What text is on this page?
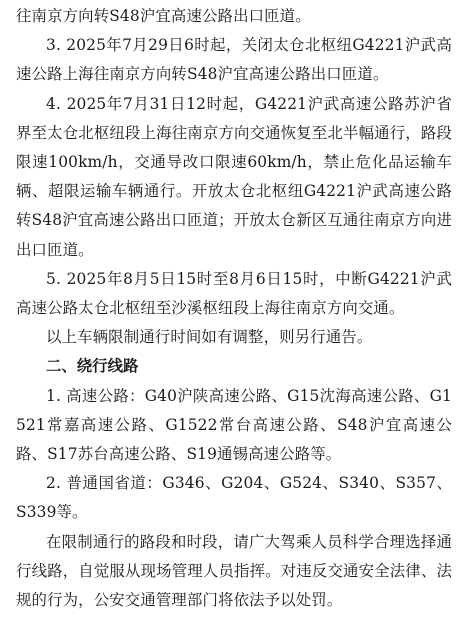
往南京方向转S48沪宜高速公路出口匝道。

3. 2025年7月29日6时起，关闭太仓北枢纽G4221沪武高速公路上海往南京方向转S48沪宜高速公路出口匝道。

4. 2025年7月31日12时起，G4221沪武高速公路苏沪省界至太仓北枢纽段上海往南京方向交通恢复至北半幅通行，路段限速100km/h，交通导改口限速60km/h，禁止危化品运输车辆、超限运输车辆通行。开放太仓北枢纽G4221沪武高速公路转S48沪宜高速公路出口匝道；开放太仓新区互通往南京方向进出口匝道。

5. 2025年8月5日15时至8月6日15时，中断G4221沪武高速公路太仓北枢纽至沙溪枢纽段上海往南京方向交通。

以上车辆限制通行时间如有调整，则另行通告。

二、绕行线路

1. 高速公路：G40沪陕高速公路、G15沈海高速公路、G1521常嘉高速公路、G1522常台高速公路、S48沪宜高速公路、S17苏台高速公路、S19通锡高速公路等。

2. 普通国省道：G346、G204、G524、S340、S357、S339等。

在限制通行的路段和时段，请广大驾乘人员科学合理选择通行线路，自觉服从现场管理人员指挥。对违反交通安全法律、法规的行为，公安交通管理部门将依法予以处罚。
